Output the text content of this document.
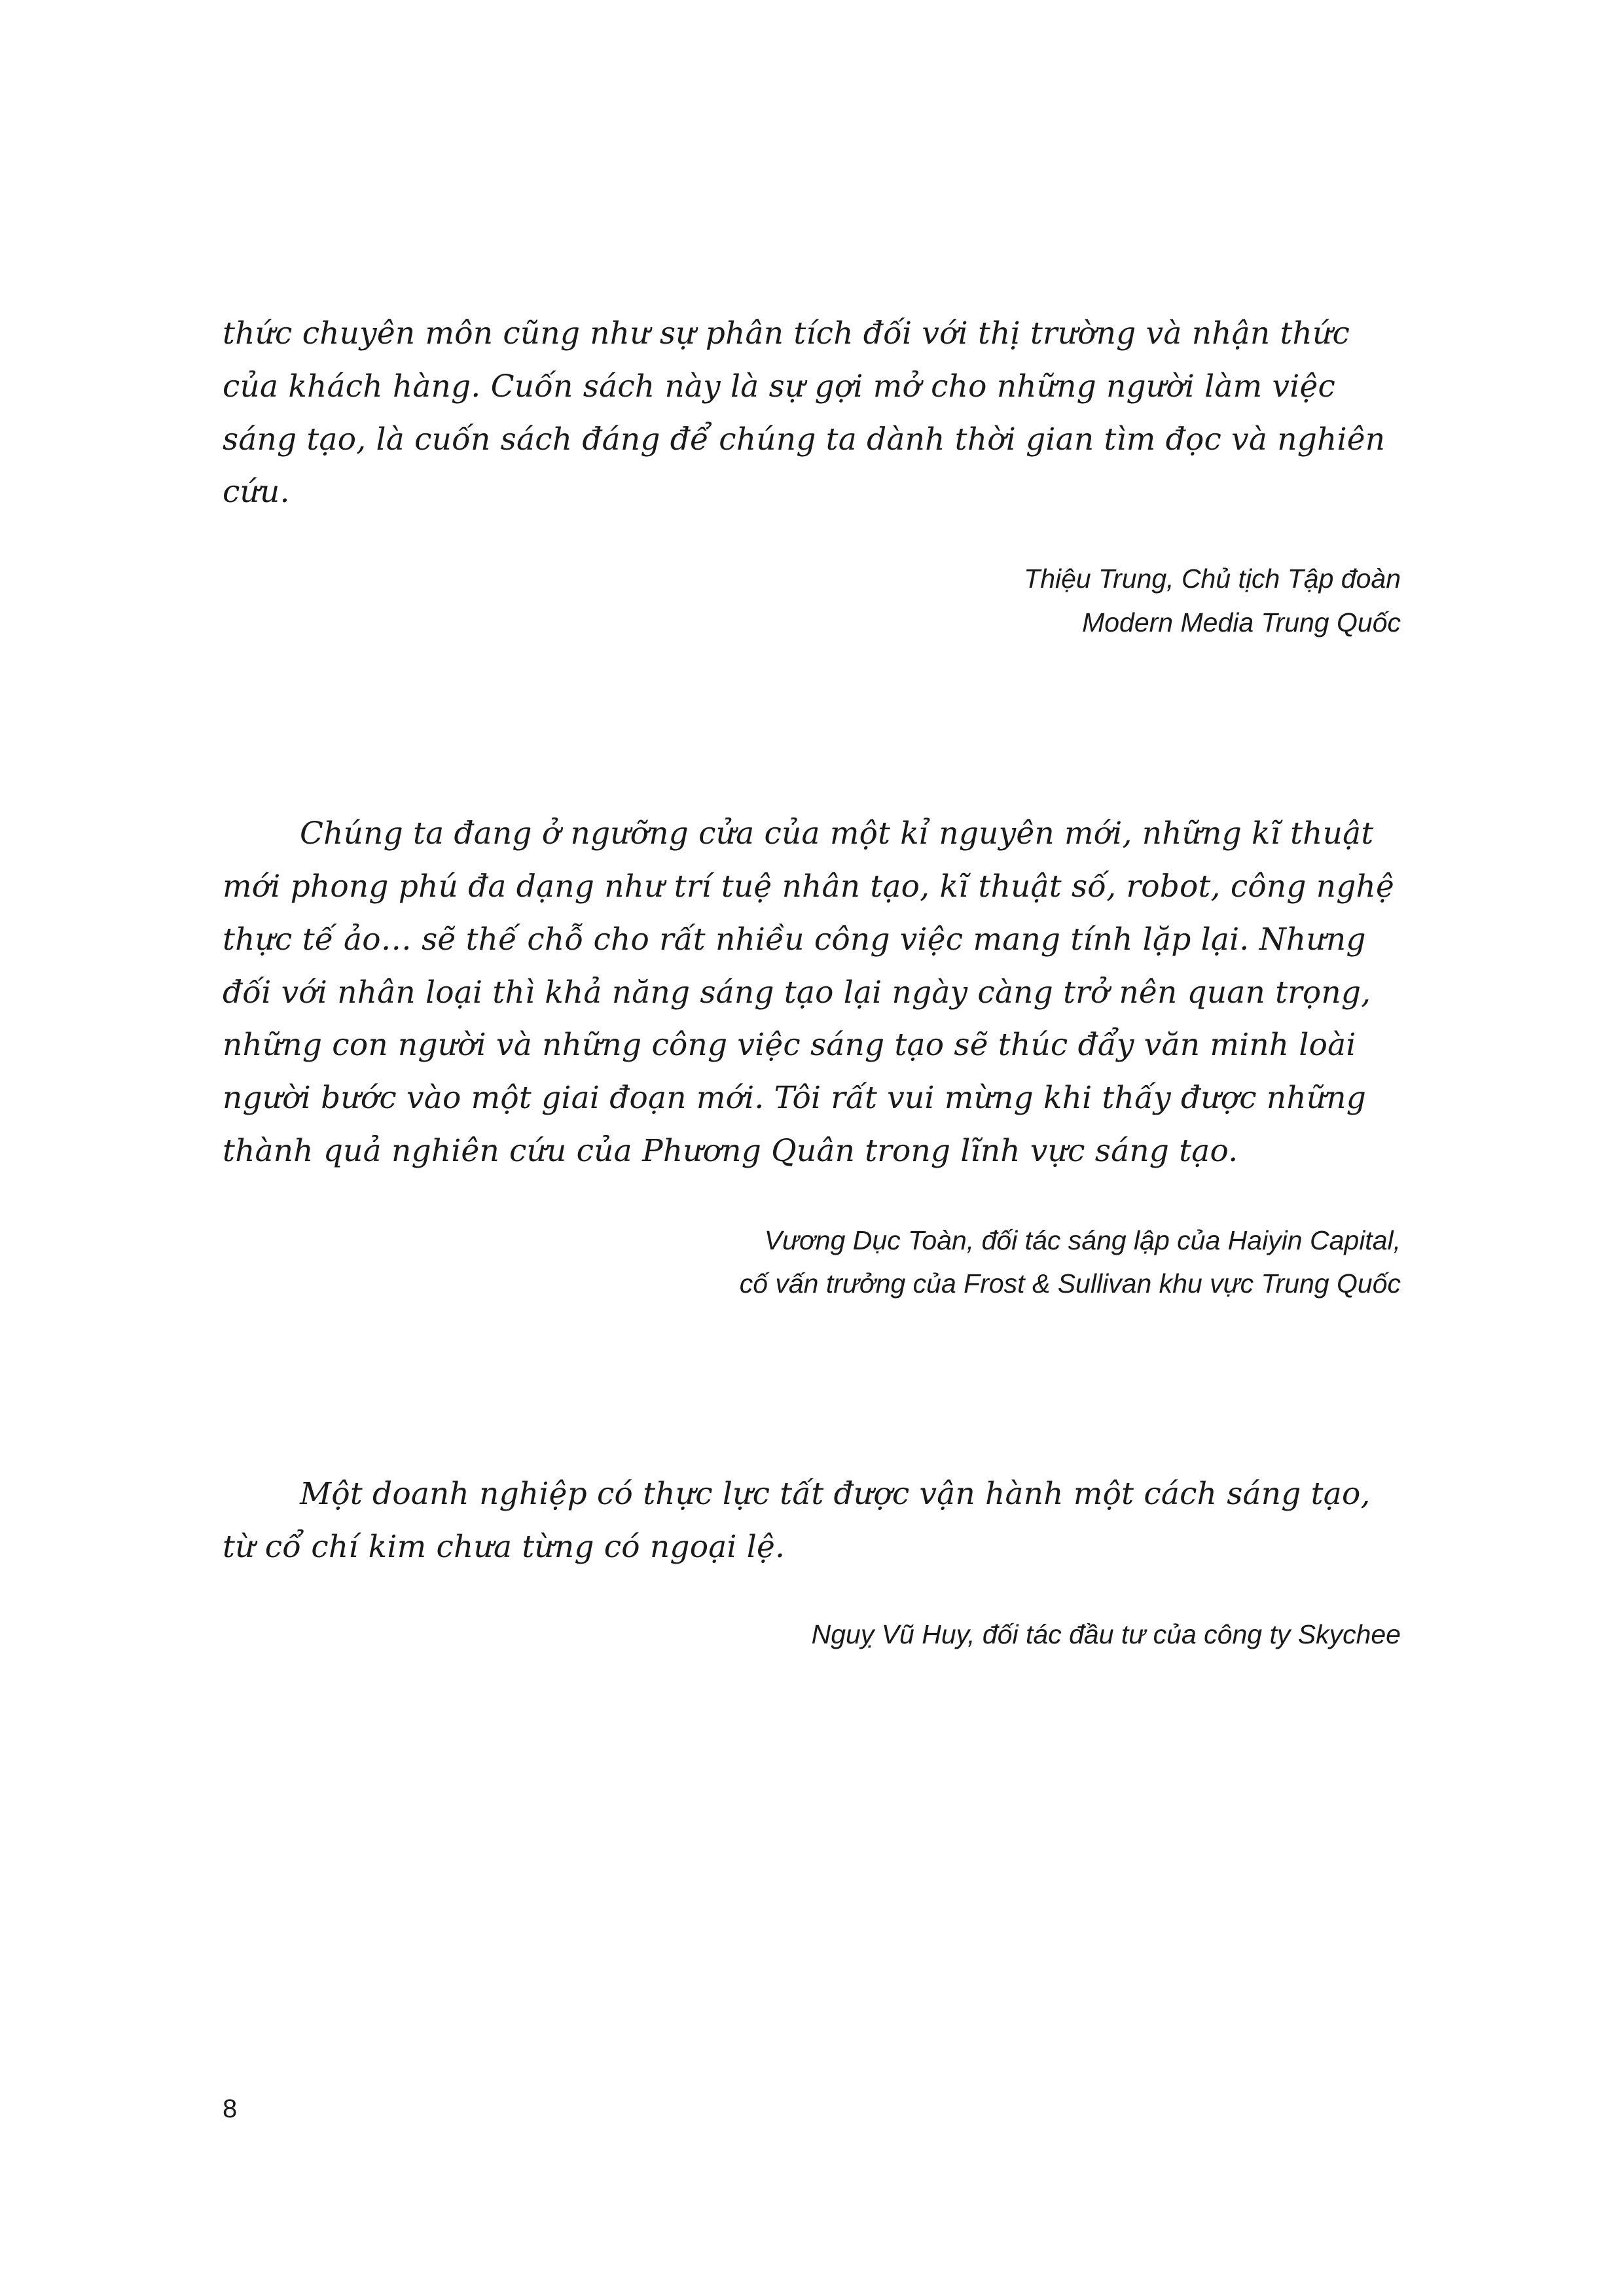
thức chuyên môn cũng như sự phân tích đối với thị trường và nhận thức của khách hàng. Cuốn sách này là sự gợi mở cho những người làm việc sáng tạo, là cuốn sách đáng để chúng ta dành thời gian tìm đọc và nghiên cứu.

Thiệu Trung, Chủ tịch Tập đoàn

Modern Media Trung Quốc

Chúng ta đang ở ngưỡng cửa của một kỉ nguyên mới, những kĩ thuật mới phong phú đa dạng như trí tuệ nhân tạo, kĩ thuật số, robot, công nghệ thực tế ảo… sẽ thế chỗ cho rất nhiều công việc mang tính lặp lại. Nhưng đối với nhân loại thì khả năng sáng tạo lại ngày càng trở nên quan trọng, những con người và những công việc sáng tạo sẽ thúc đẩy văn minh loài người bước vào một giai đoạn mới. Tôi rất vui mừng khi thấy được những thành quả nghiên cứu của Phương Quân trong lĩnh vực sáng tạo.

Vương Dục Toàn, đối tác sáng lập của Haiyin Capital,

cố vấn trưởng của Frost & Sullivan khu vực Trung Quốc

Một doanh nghiệp có thực lực tất được vận hành một cách sáng tạo, từ cổ chí kim chưa từng có ngoại lệ.

Nguỵ Vũ Huy, đối tác đầu tư của công ty Skychee

8
